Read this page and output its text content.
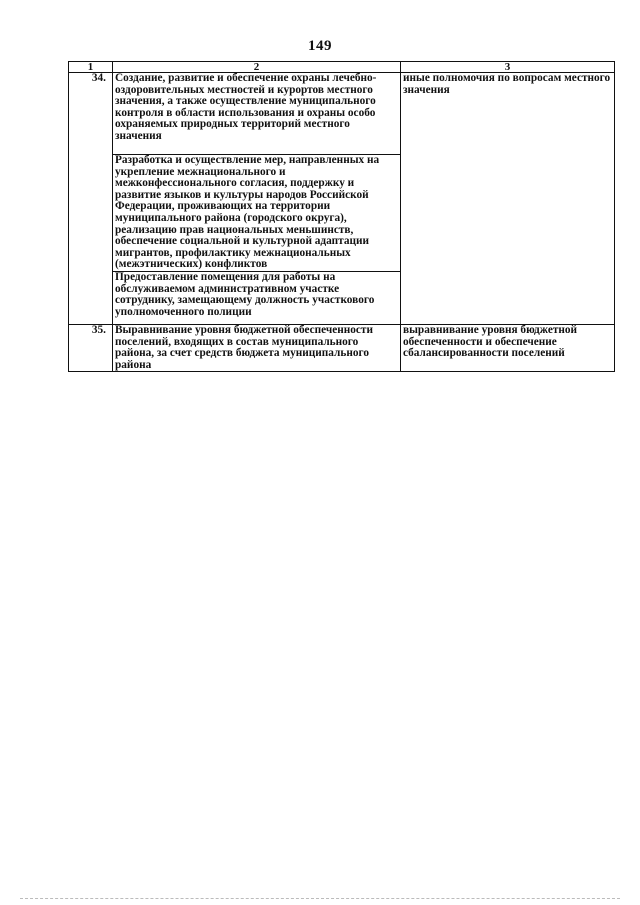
149
1	2	3
34.	Создание, развитие и обеспечение охраны лечебно-оздоровительных местностей и курортов местного значения, а также осуществление муниципального контроля в области использования и охраны особо охраняемых природных территорий местного значения	иные полномочия по вопросам местного значения
	Разработка и осуществление мер, направленных на укрепление межнационального и межконфессионального согласия, поддержку и развитие языков и культуры народов Российской Федерации, проживающих на территории муниципального района (городского округа), реализацию прав национальных меньшинств, обеспечение социальной и культурной адаптации мигрантов, профилактику межнациональных (межэтнических) конфликтов	
	Предоставление помещения для работы на обслуживаемом административном участке сотруднику, замещающему должность участкового уполномоченного полиции	
35.	Выравнивание уровня бюджетной обеспеченности поселений, входящих в состав муниципального района, за счет средств бюджета муниципального района	выравнивание уровня бюджетной обеспеченности и обеспечение сбалансированности поселений
